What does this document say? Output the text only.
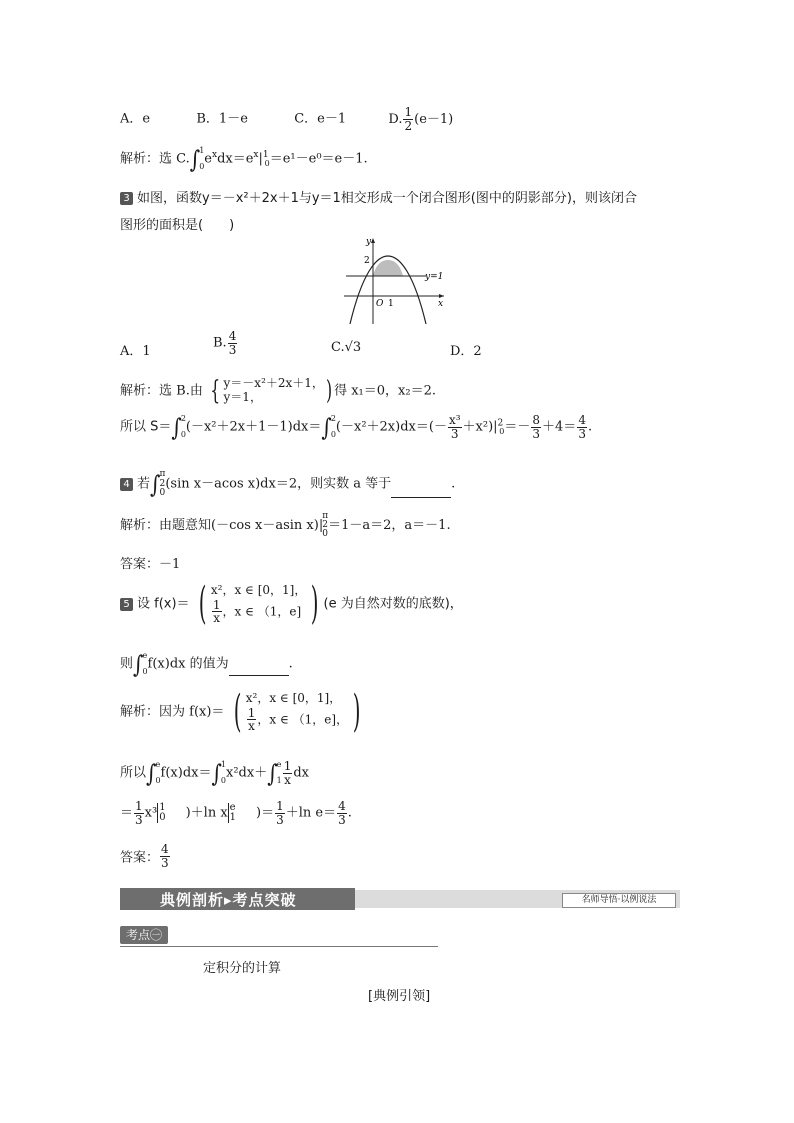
A．e	B．1－e	C．e－1	D. $\frac{1}{2} (e-1)$
解析：选 C.∫ 1
0 $e^xdx=e^x|^1_0=e^1-e^0=e-1$.
3 如图，函数y＝－x²＋2x＋1与y＝1相交形成一个闭合图形(图中的阴影部分)，则该闭合
图形的面积是(　　)
y
x
2
O 1
y=1
A．1
B. $\frac{4}{3}$	C.√3	D．2
解析：选 B.由 { y＝－x²＋2x＋1，
y＝1，	) 得 x₁＝0，x₂＝2.
所以 S＝∫ 2
0 (－x²＋2x＋1－1)dx＝∫ 2
0 $(-x^2+2x)dx=(- \frac{\text{x³}}{3} +x^2)|^2_0=- \frac{8}{3} +4= \frac{4}{3}$ .
4 若∫ π
2
0
(sin x－acos x)dx＝2，则实数 a 等于	.
解析：由题意知(－cos x－asin x)|
π
2
0
＝1－a＝2，a＝－1.
答案：－1
5 设 f(x)＝ ( x²，x ∈ [0，1]，
$\frac{1}{x}$ ，x ∈ （1，e] ) (e 为自然对数的底数)，
则∫ e
0 f(x)dx 的值为	.
解析：因为 f(x)＝ ( x²，x ∈ [0，1]，
$\frac{1}{x}$ ，x ∈ （1，e]， )
所以∫ e
0 f(x)dx＝∫ 1
0 x²dx＋∫ e
$1 \frac{1}{x}$ dx
＝ $\frac{1}{3} x^3$ 1
0 )＋ln x e
1 )＝ $\frac{1}{3} +\ln$ $e= \frac{4}{3}$ .
答案： $\frac{4}{3}$
典例剖析▸考点突破	名师导悟·以例说法
考点㊀
定积分的计算
[典例引领]
